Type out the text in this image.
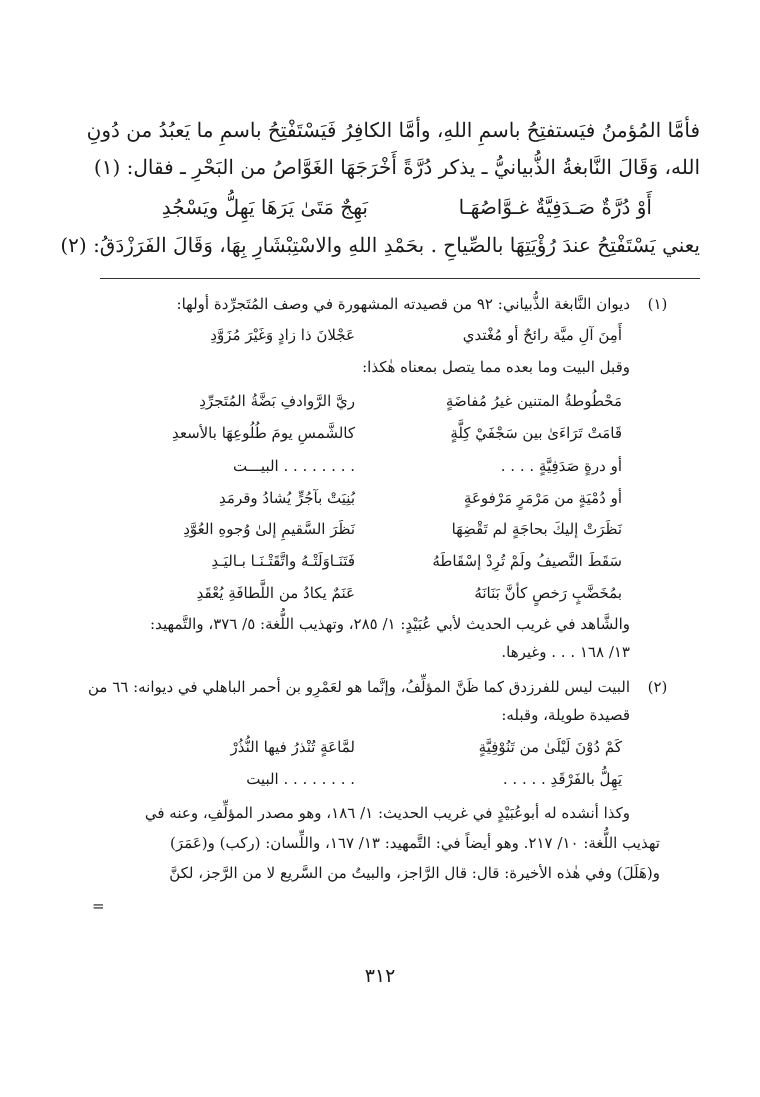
فأمَّا المُؤمنُ فيَستفتِحُ باسمِ اللهِ، وأمَّا الكافِرُ فَيَسْتَفْتِحُ باسمِ ما يَعبُدُ من دُونِ
الله، وَقَالَ النَّابغةُ الذُّبيانيُّ ـ يذكر دُرَّةً أَخْرَجَهَا الغَوَّاصُ من البَحْرِ ـ فقال: (١)
أَوْ دُرَّةٌ صَـدَفِيَّةٌ غـوَّاصُهَـا
بَهِجٌ مَتَىٰ يَرَهَا يَهِلُّ ويَسْجُدِ
يعني يَسْتَفْتِحُ عندَ رُؤْيَتِهَا بالصِّياحِ . بحَمْدِ اللهِ والاسْتِبْشَارِ بِهَا، وَقَالَ الفَرَزْدَقُ: (٢)
(١)
ديوان النَّابغة الذُّبياني: ٩٢ من قصيدته المشهورة في وصف المُتَجرِّدة أولها:
أَمِنَ آلِ ميَّة رائحٌ أو مُغْتدي
عَجْلانَ ذا زادٍ وَغَيْرَ مُزَوَّدِ
وقبل البيت وما بعده مما يتصل بمعناه هٰكذا:
مَحْطُوطةُ المتنين غيرُ مُفاضَةٍ
ريَّ الرَّوادفِ بَضَّةُ المُتَجرِّدِ
قَامَتْ تَرَاءَىٰ بين سَجْفَيْ كِلَّةٍ
كالشَّمسِ يومَ طُلُوعِهَا بالأسعدِ
أو درةٍ صَدَفِيَّةٍ . . . .
. . . . . . . . البيـــت
أو دُمْيَةٍ من مَرْمَرٍ مَرْفوعَةٍ
بُنِيَتْ بآجُرٍّ يُشادُ وقرمَدِ
نَظَرَتْ إليكَ بحاجَةٍ لم تَقْضِهَا
نَظَرَ السَّقيمِ إلىٰ وُجوهِ العُوَّدِ
سَقَطَ النَّصيفُ ولَمْ تُرِدْ إسْقَاطَهُ
فَتَنَـاوَلَتْـهُ واتَّقَتْـنَـا بـاليَـدِ
بمُخَضَّبٍ رَخصٍ كأنَّ بَنَانَهُ
عَنَمٌ يكادُ من اللَّطافَةِ يُعْقَدِ
والشَّاهد في غريب الحديث لأبي عُبَيْدٍ: ١/ ٢٨٥، وتهذيب اللُّغة: ٥/ ٣٧٦، والتَّمهيد:
١٣/ ١٦٨ . . . وغيرها.
(٢)
البيت ليس للفرزدق كما ظَنَّ المؤلِّفُ، وإنَّما هو لعَمْرِو بن أحمر الباهلي في ديوانه: ٦٦ من
قصيدة طويلة، وقبله:
كَمْ دُوْنَ لَيْلَىٰ من تَنُوْفِيَّةٍ
لمَّاعَةٍ تُنْذرُ فيها النُّذُرْ
يَهِلُّ بالفَرْقَدِ . . . . .
. . . . . . . . البيت
وكذا أنشده له أبوعُبَيْدٍ في غريب الحديث: ١/ ١٨٦، وهو مصدر المؤلِّفِ، وعنه في
تهذيب اللُّغة: ١٠/ ٢١٧. وهو أيضاً في: التَّمهيد: ١٣/ ١٦٧، واللِّسان: (ركب) و(عَمَرَ)
و(هَلَلَ) وفي هٰذه الأخيرة: قال: قال الرَّاجز، والبيتُ من السَّريع لا من الرَّجز، لكنَّ
=
٣١٢
